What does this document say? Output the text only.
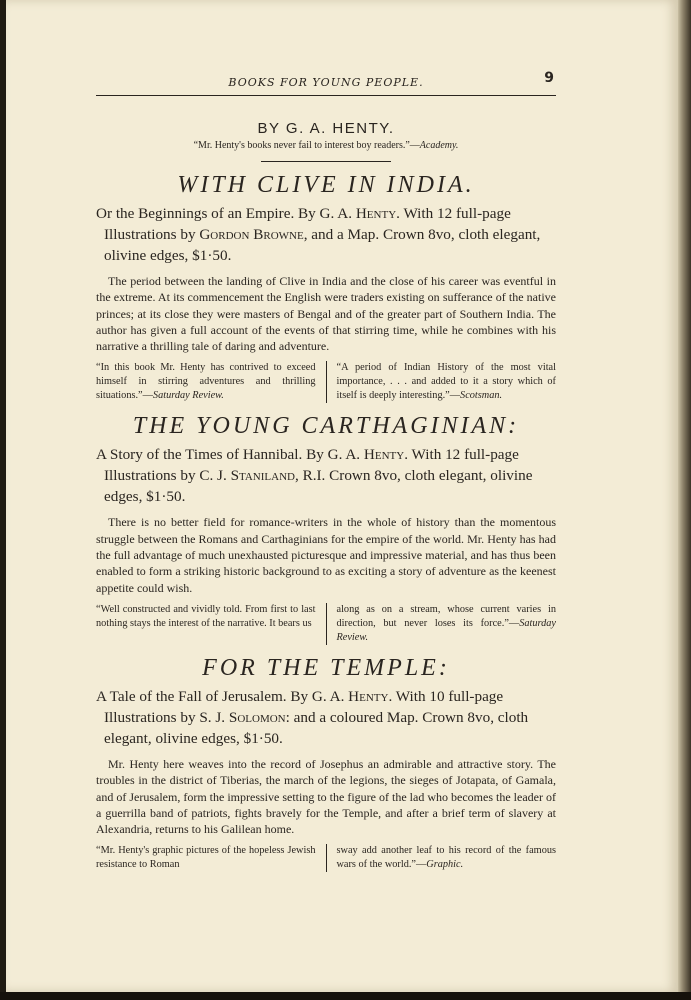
BOOKS FOR YOUNG PEOPLE.	9
BY G. A. HENTY.
“Mr. Henty's books never fail to interest boy readers.”—Academy.
WITH CLIVE IN INDIA.

Or the Beginnings of an Empire. By G. A. Henty. With 12 full-page Illustrations by Gordon Browne, and a Map. Crown 8vo, cloth elegant, olivine edges, $1·50.

The period between the landing of Clive in India and the close of his career was eventful in the extreme. At its commencement the English were traders existing on sufferance of the native princes; at its close they were masters of Bengal and of the greater part of Southern India. The author has given a full account of the events of that stirring time, while he combines with his narrative a thrilling tale of daring and adventure.

“In this book Mr. Henty has contrived to exceed himself in stirring adventures and thrilling situations.”—Saturday Review.
“A period of Indian History of the most vital importance, . . . and added to it a story which of itself is deeply interesting.”—Scotsman.
THE YOUNG CARTHAGINIAN:

A Story of the Times of Hannibal. By G. A. Henty. With 12 full-page Illustrations by C. J. Staniland, R.I. Crown 8vo, cloth elegant, olivine edges, $1·50.

There is no better field for romance-writers in the whole of history than the momentous struggle between the Romans and Carthaginians for the empire of the world. Mr. Henty has had the full advantage of much unexhausted picturesque and impressive material, and has thus been enabled to form a striking historic background to as exciting a story of adventure as the keenest appetite could wish.

“Well constructed and vividly told. From first to last nothing stays the interest of the narrative. It bears us
along as on a stream, whose current varies in direction, but never loses its force.”—Saturday Review.
FOR THE TEMPLE:

A Tale of the Fall of Jerusalem. By G. A. Henty. With 10 full-page Illustrations by S. J. Solomon: and a coloured Map. Crown 8vo, cloth elegant, olivine edges, $1·50.

Mr. Henty here weaves into the record of Josephus an admirable and attractive story. The troubles in the district of Tiberias, the march of the legions, the sieges of Jotapata, of Gamala, and of Jerusalem, form the impressive setting to the figure of the lad who becomes the leader of a guerrilla band of patriots, fights bravely for the Temple, and after a brief term of slavery at Alexandria, returns to his Galilean home.

“Mr. Henty's graphic pictures of the hopeless Jewish resistance to Roman
sway add another leaf to his record of the famous wars of the world.”—Graphic.
